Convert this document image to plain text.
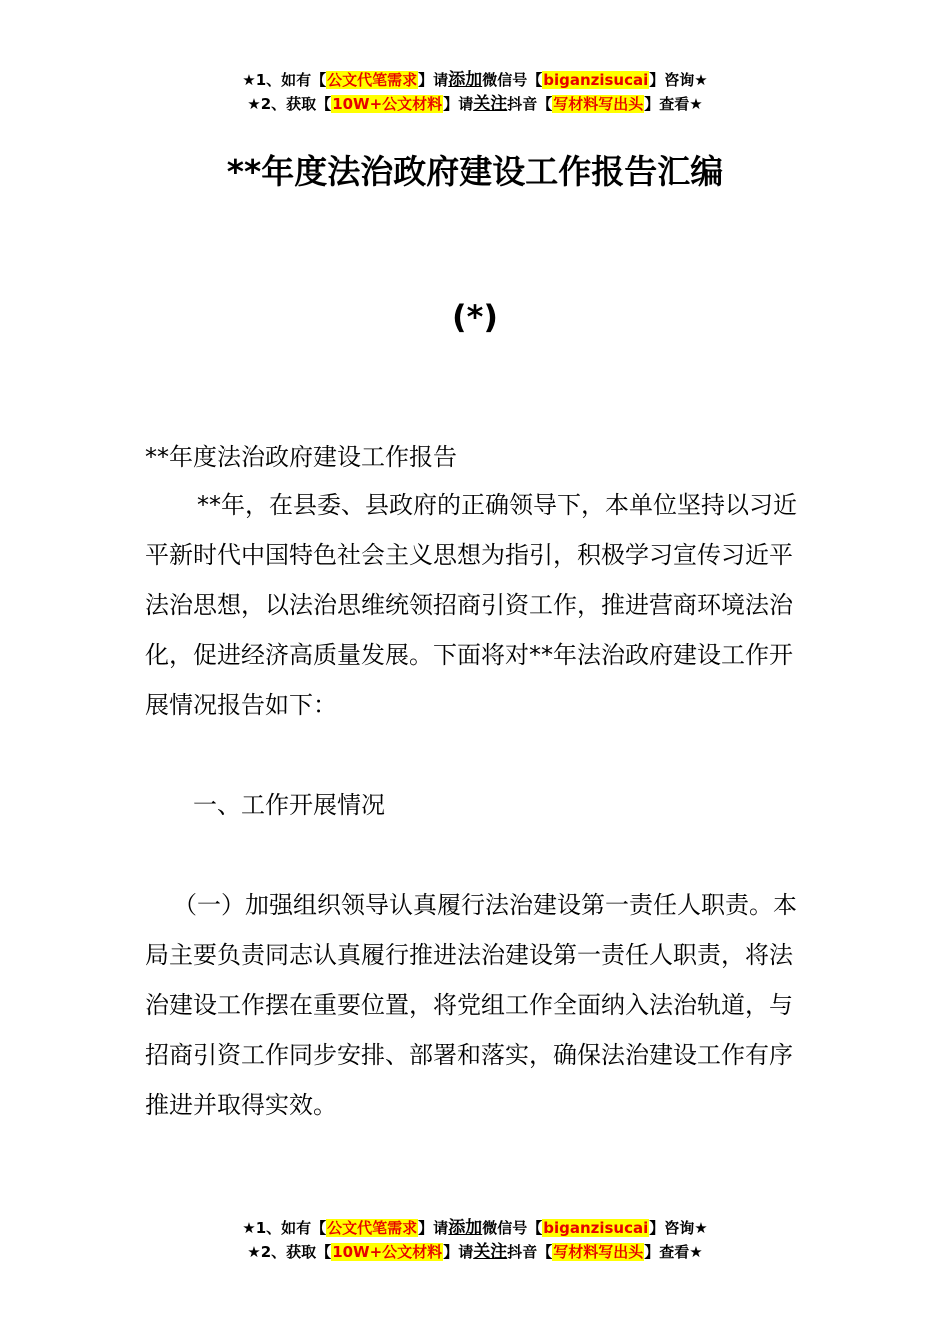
★1、如有【公文代笔需求】请添加微信号【biganzisucai】咨询★
★2、获取【10W+公文材料】请关注抖音【写材料写出头】查看★
**年度法治政府建设工作报告汇编
(*)

**年度法治政府建设工作报告

**年，在县委、县政府的正确领导下，本单位坚持以习近平新时代中国特色社会主义思想为指引，积极学习宣传习近平法治思想，以法治思维统领招商引资工作，推进营商环境法治化，促进经济高质量发展。下面将对**年法治政府建设工作开展情况报告如下：

一、工作开展情况

（一）加强组织领导认真履行法治建设第一责任人职责。本局主要负责同志认真履行推进法治建设第一责任人职责，将法治建设工作摆在重要位置，将党组工作全面纳入法治轨道，与招商引资工作同步安排、部署和落实，确保法治建设工作有序推进并取得实效。

★1、如有【公文代笔需求】请添加微信号【biganzisucai】咨询★
★2、获取【10W+公文材料】请关注抖音【写材料写出头】查看★
